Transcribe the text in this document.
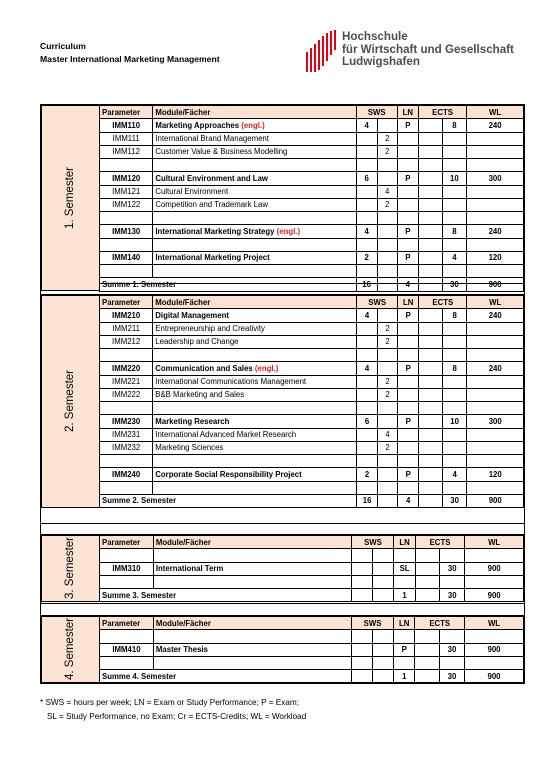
Curriculum
Master International Marketing Management
Hochschule
für Wirtschaft und Gesellschaft
Ludwigshafen
1. Semester
Parameter	Module/Fächer	SWS		LN	ECTS		WL
IMM110	Marketing Approaches (engl.)	4		P		8	240
IMM111	International Brand Management		2				
IMM112	Customer Value & Business Modelling		2				

IMM120	Cultural Environment and Law	6		P		10	300
IMM121	Cultural Environment		4				
IMM122	Competition and Trademark Law		2				

IMM130	International Marketing Strategy (engl.)	4		P		8	240

IMM140	International Marketing Project	2		P		4	120

Summe 1. Semester		16		4		30	900
2. Semester
Parameter	Module/Fächer	SWS		LN	ECTS		WL
IMM210	Digital Management	4		P		8	240
IMM211	Entrepreneurship and Creativity		2				
IMM212	Leadership and Change		2				

IMM220	Communication and Sales (engl.)	4		P		8	240
IMM221	International Communications Management		2				
IMM222	B&B Marketing and Sales		2				

IMM230	Marketing Research	6		P		10	300
IMM231	International Advanced Market Research		4				
IMM232	Marketing Sciences		2				

IMM240	Corporate Social Responsibility Project	2		P		4	120

Summe 2. Semester		16		4		30	900
3. Semester	Parameter	Module/Fächer	SWS		LN	ECTS		WL

IMM310	International Term			SL		30	900

Summe 3. Semester				1		30	900
4. Semester	Parameter	Module/Fächer	SWS		LN	ECTS		WL

IMM410	Master Thesis			P		30	900

Summe 4. Semester				1		30	900
* SWS = hours per week; LN = Exam or Study Performance; P = Exam;
SL = Study Performance, no Exam; Cr = ECTS-Credits; WL = Workload
